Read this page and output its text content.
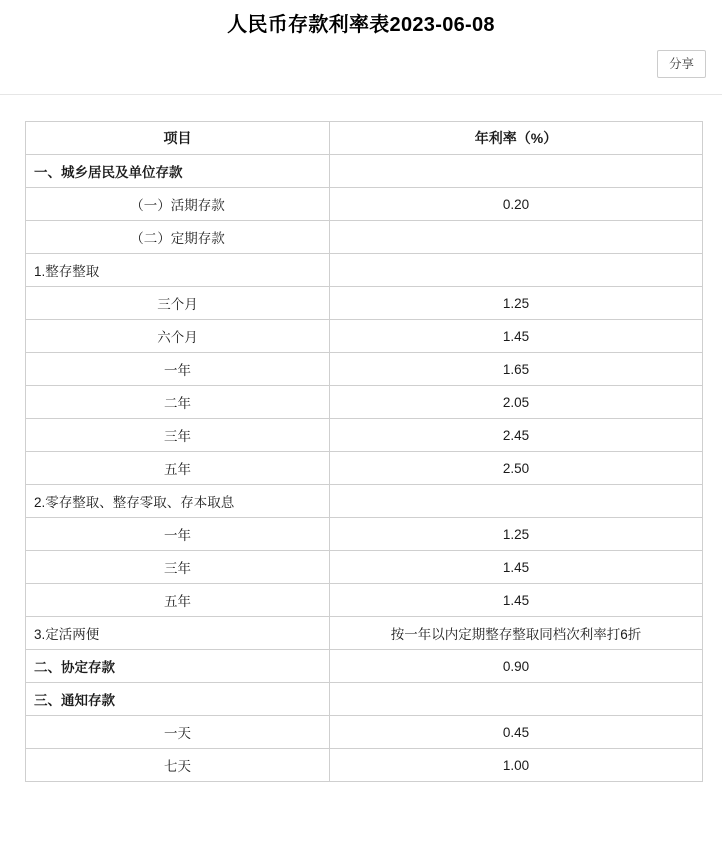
人民币存款利率表2023-06-08
分享
项目	年利率（%）
一、城乡居民及单位存款	
（一）活期存款	0.20
（二）定期存款	
1.整存整取	
三个月	1.25
六个月	1.45
一年	1.65
二年	2.05
三年	2.45
五年	2.50
2.零存整取、整存零取、存本取息	
一年	1.25
三年	1.45
五年	1.45
3.定活两便	按一年以内定期整存整取同档次利率打6折
二、协定存款	0.90
三、通知存款	
一天	0.45
七天	1.00
